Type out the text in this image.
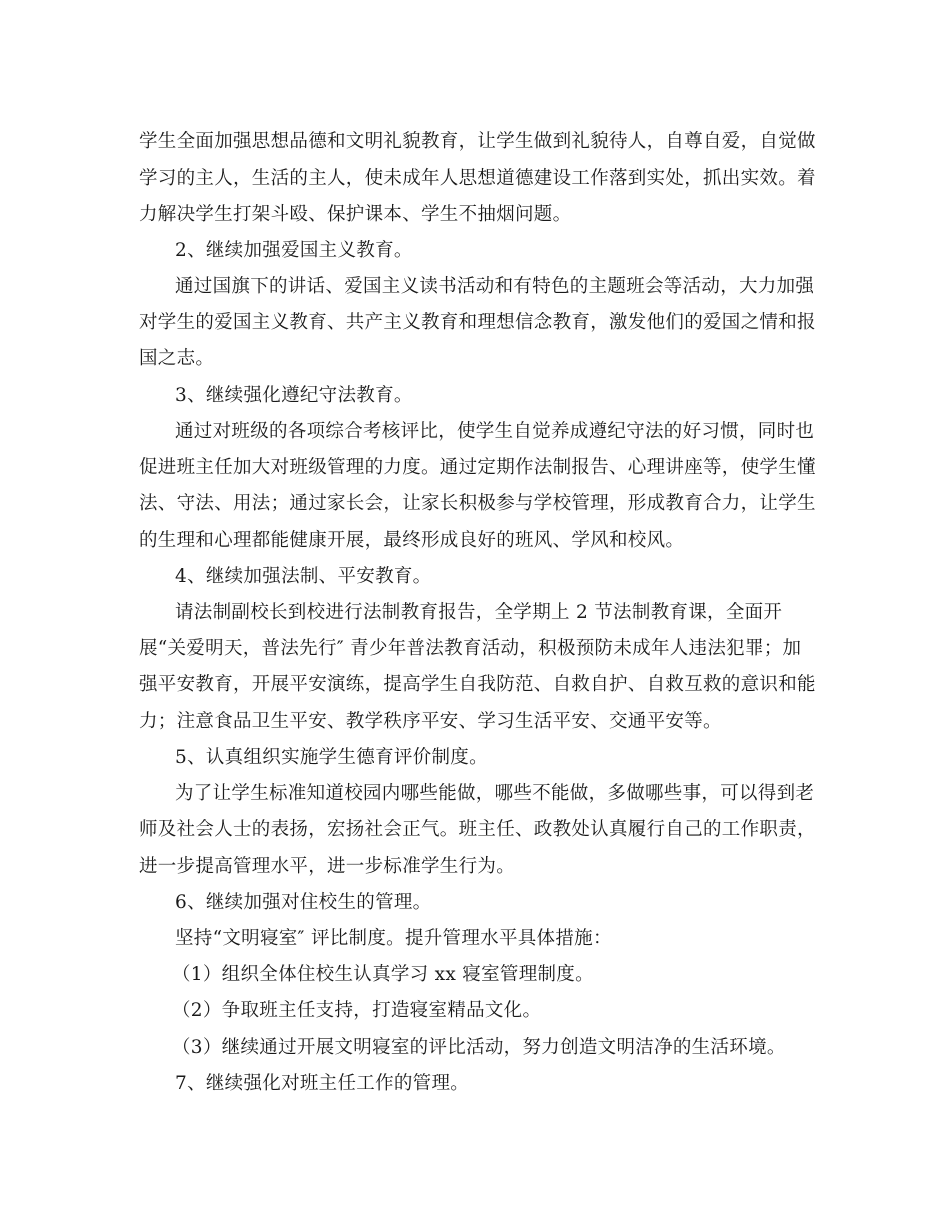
学生全面加强思想品德和文明礼貌教育，让学生做到礼貌待人，自尊自爱，自觉做
学习的主人，生活的主人，使未成年人思想道德建设工作落到实处，抓出实效。着
力解决学生打架斗殴、保护课本、学生不抽烟问题。
2、继续加强爱国主义教育。
通过国旗下的讲话、爱国主义读书活动和有特色的主题班会等活动，大力加强
对学生的爱国主义教育、共产主义教育和理想信念教育，激发他们的爱国之情和报
国之志。
3、继续强化遵纪守法教育。
通过对班级的各项综合考核评比，使学生自觉养成遵纪守法的好习惯，同时也
促进班主任加大对班级管理的力度。通过定期作法制报告、心理讲座等，使学生懂
法、守法、用法；通过家长会，让家长积极参与学校管理，形成教育合力，让学生
的生理和心理都能健康开展，最终形成良好的班风、学风和校风。
4、继续加强法制、平安教育。
请法制副校长到校进行法制教育报告，全学期上 2 节法制教育课，全面开
展“关爱明天，普法先行″ 青少年普法教育活动，积极预防未成年人违法犯罪；加
强平安教育，开展平安演练，提高学生自我防范、自救自护、自救互救的意识和能
力；注意食品卫生平安、教学秩序平安、学习生活平安、交通平安等。
5、认真组织实施学生德育评价制度。
为了让学生标准知道校园内哪些能做，哪些不能做，多做哪些事，可以得到老
师及社会人士的表扬，宏扬社会正气。班主任、政教处认真履行自己的工作职责，
进一步提高管理水平，进一步标准学生行为。
6、继续加强对住校生的管理。
坚持“文明寝室″ 评比制度。提升管理水平具体措施：
（1）组织全体住校生认真学习 xx 寝室管理制度。
（2）争取班主任支持，打造寝室精品文化。
（3）继续通过开展文明寝室的评比活动，努力创造文明洁净的生活环境。
7、继续强化对班主任工作的管理。
